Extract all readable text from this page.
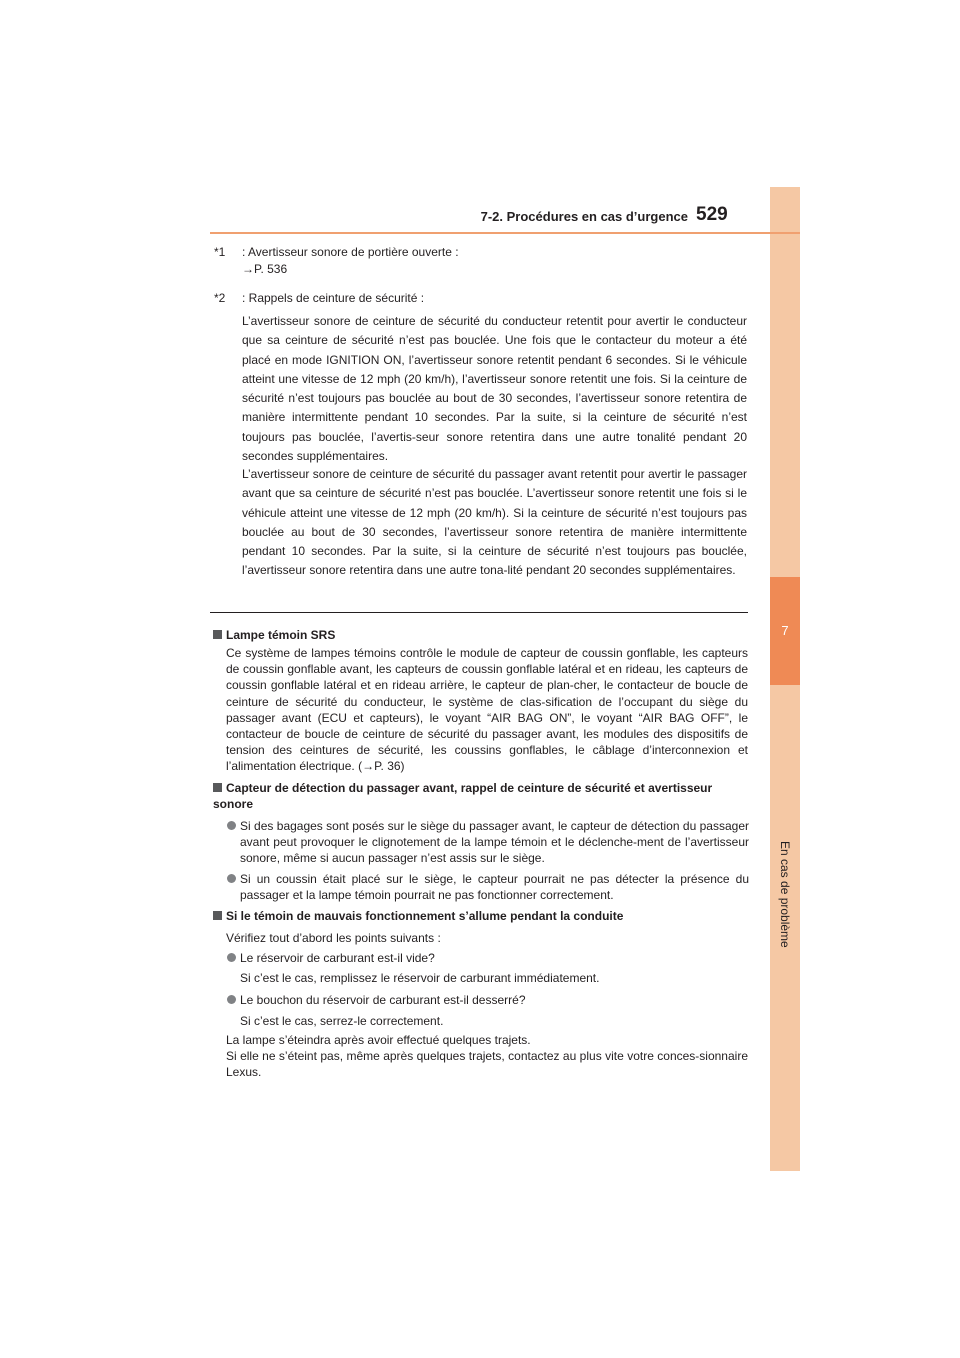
7
En cas de problème
7-2. Procédures en cas d’urgence 529
*1	: Avertisseur sonore de portière ouverte :
→P. 536
*2	: Rappels de ceinture de sécurité :
L’avertisseur sonore de ceinture de sécurité du conducteur retentit pour avertir le conducteur que sa ceinture de sécurité n’est pas bouclée. Une fois que le contacteur du moteur a été placé en mode IGNITION ON, l’avertisseur sonore retentit pendant 6 secondes. Si le véhicule atteint une vitesse de 12 mph (20 km/h), l’avertisseur sonore retentit une fois. Si la ceinture de sécurité n’est toujours pas bouclée au bout de 30 secondes, l’avertisseur sonore retentira de manière intermittente pendant 10 secondes. Par la suite, si la ceinture de sécurité n’est toujours pas bouclée, l’avertis-seur sonore retentira dans une autre tonalité pendant 20 secondes supplémentaires.
L’avertisseur sonore de ceinture de sécurité du passager avant retentit pour avertir le passager avant que sa ceinture de sécurité n’est pas bouclée. L’avertisseur sonore retentit une fois si le véhicule atteint une vitesse de 12 mph (20 km/h). Si la ceinture de sécurité n’est toujours pas bouclée au bout de 30 secondes, l’avertisseur sonore retentira de manière intermittente pendant 10 secondes. Par la suite, si la ceinture de sécurité n’est toujours pas bouclée, l’avertisseur sonore retentira dans une autre tona-lité pendant 20 secondes supplémentaires.
Lampe témoin SRS
Ce système de lampes témoins contrôle le module de capteur de coussin gonflable, les capteurs de coussin gonflable avant, les capteurs de coussin gonflable latéral et en rideau, les capteurs de coussin gonflable latéral et en rideau arrière, le capteur de plan-cher, le contacteur de boucle de ceinture de sécurité du conducteur, le système de clas-sification de l’occupant du siège du passager avant (ECU et capteurs), le voyant “AIR BAG ON”, le voyant “AIR BAG OFF”, le contacteur de boucle de ceinture de sécurité du passager avant, les modules des dispositifs de tension des ceintures de sécurité, les coussins gonflables, le câblage d’interconnexion et l’alimentation électrique. (→P. 36)
Capteur de détection du passager avant, rappel de ceinture de sécurité et avertisseur sonore
Si des bagages sont posés sur le siège du passager avant, le capteur de détection du passager avant peut provoquer le clignotement de la lampe témoin et le déclenche-ment de l’avertisseur sonore, même si aucun passager n’est assis sur le siège.
Si un coussin était placé sur le siège, le capteur pourrait ne pas détecter la présence du passager et la lampe témoin pourrait ne pas fonctionner correctement.
Si le témoin de mauvais fonctionnement s’allume pendant la conduite
Vérifiez tout d’abord les points suivants :
Le réservoir de carburant est-il vide?
Si c’est le cas, remplissez le réservoir de carburant immédiatement.
Le bouchon du réservoir de carburant est-il desserré?
Si c’est le cas, serrez-le correctement.
La lampe s’éteindra après avoir effectué quelques trajets.
Si elle ne s’éteint pas, même après quelques trajets, contactez au plus vite votre conces-sionnaire Lexus.
